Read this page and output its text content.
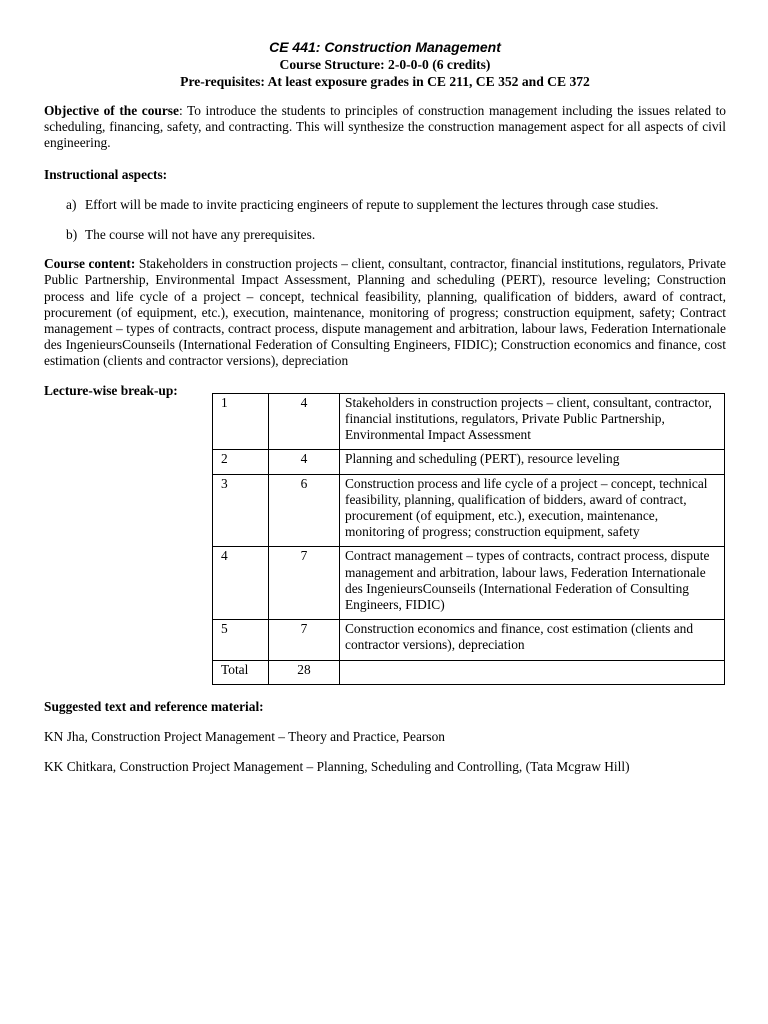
CE 441: Construction Management
Course Structure: 2-0-0-0 (6 credits)
Pre-requisites: At least exposure grades in CE 211, CE 352 and CE 372
Objective of the course: To introduce the students to principles of construction management including the issues related to scheduling, financing, safety, and contracting. This will synthesize the construction management aspect for all aspects of civil engineering.
Instructional aspects:
a) Effort will be made to invite practicing engineers of repute to supplement the lectures through case studies.
b) The course will not have any prerequisites.
Course content: Stakeholders in construction projects – client, consultant, contractor, financial institutions, regulators, Private Public Partnership, Environmental Impact Assessment, Planning and scheduling (PERT), resource leveling; Construction process and life cycle of a project – concept, technical feasibility, planning, qualification of bidders, award of contract, procurement (of equipment, etc.), execution, maintenance, monitoring of progress; construction equipment, safety; Contract management – types of contracts, contract process, dispute management and arbitration, labour laws, Federation Internationale des IngenieursCounseils (International Federation of Consulting Engineers, FIDIC); Construction economics and finance, cost estimation (clients and contractor versions), depreciation
Lecture-wise break-up:
1	4	Stakeholders in construction projects – client, consultant, contractor, financial institutions, regulators, Private Public Partnership, Environmental Impact Assessment
2	4	Planning and scheduling (PERT), resource leveling
3	6	Construction process and life cycle of a project – concept, technical feasibility, planning, qualification of bidders, award of contract, procurement (of equipment, etc.), execution, maintenance, monitoring of progress; construction equipment, safety
4	7	Contract management – types of contracts, contract process, dispute management and arbitration, labour laws, Federation Internationale des IngenieursCounseils (International Federation of Consulting Engineers, FIDIC)
5	7	Construction economics and finance, cost estimation (clients and contractor versions), depreciation
Total	28	
Suggested text and reference material:
KN Jha, Construction Project Management – Theory and Practice, Pearson
KK Chitkara, Construction Project Management – Planning, Scheduling and Controlling, (Tata Mcgraw Hill)
